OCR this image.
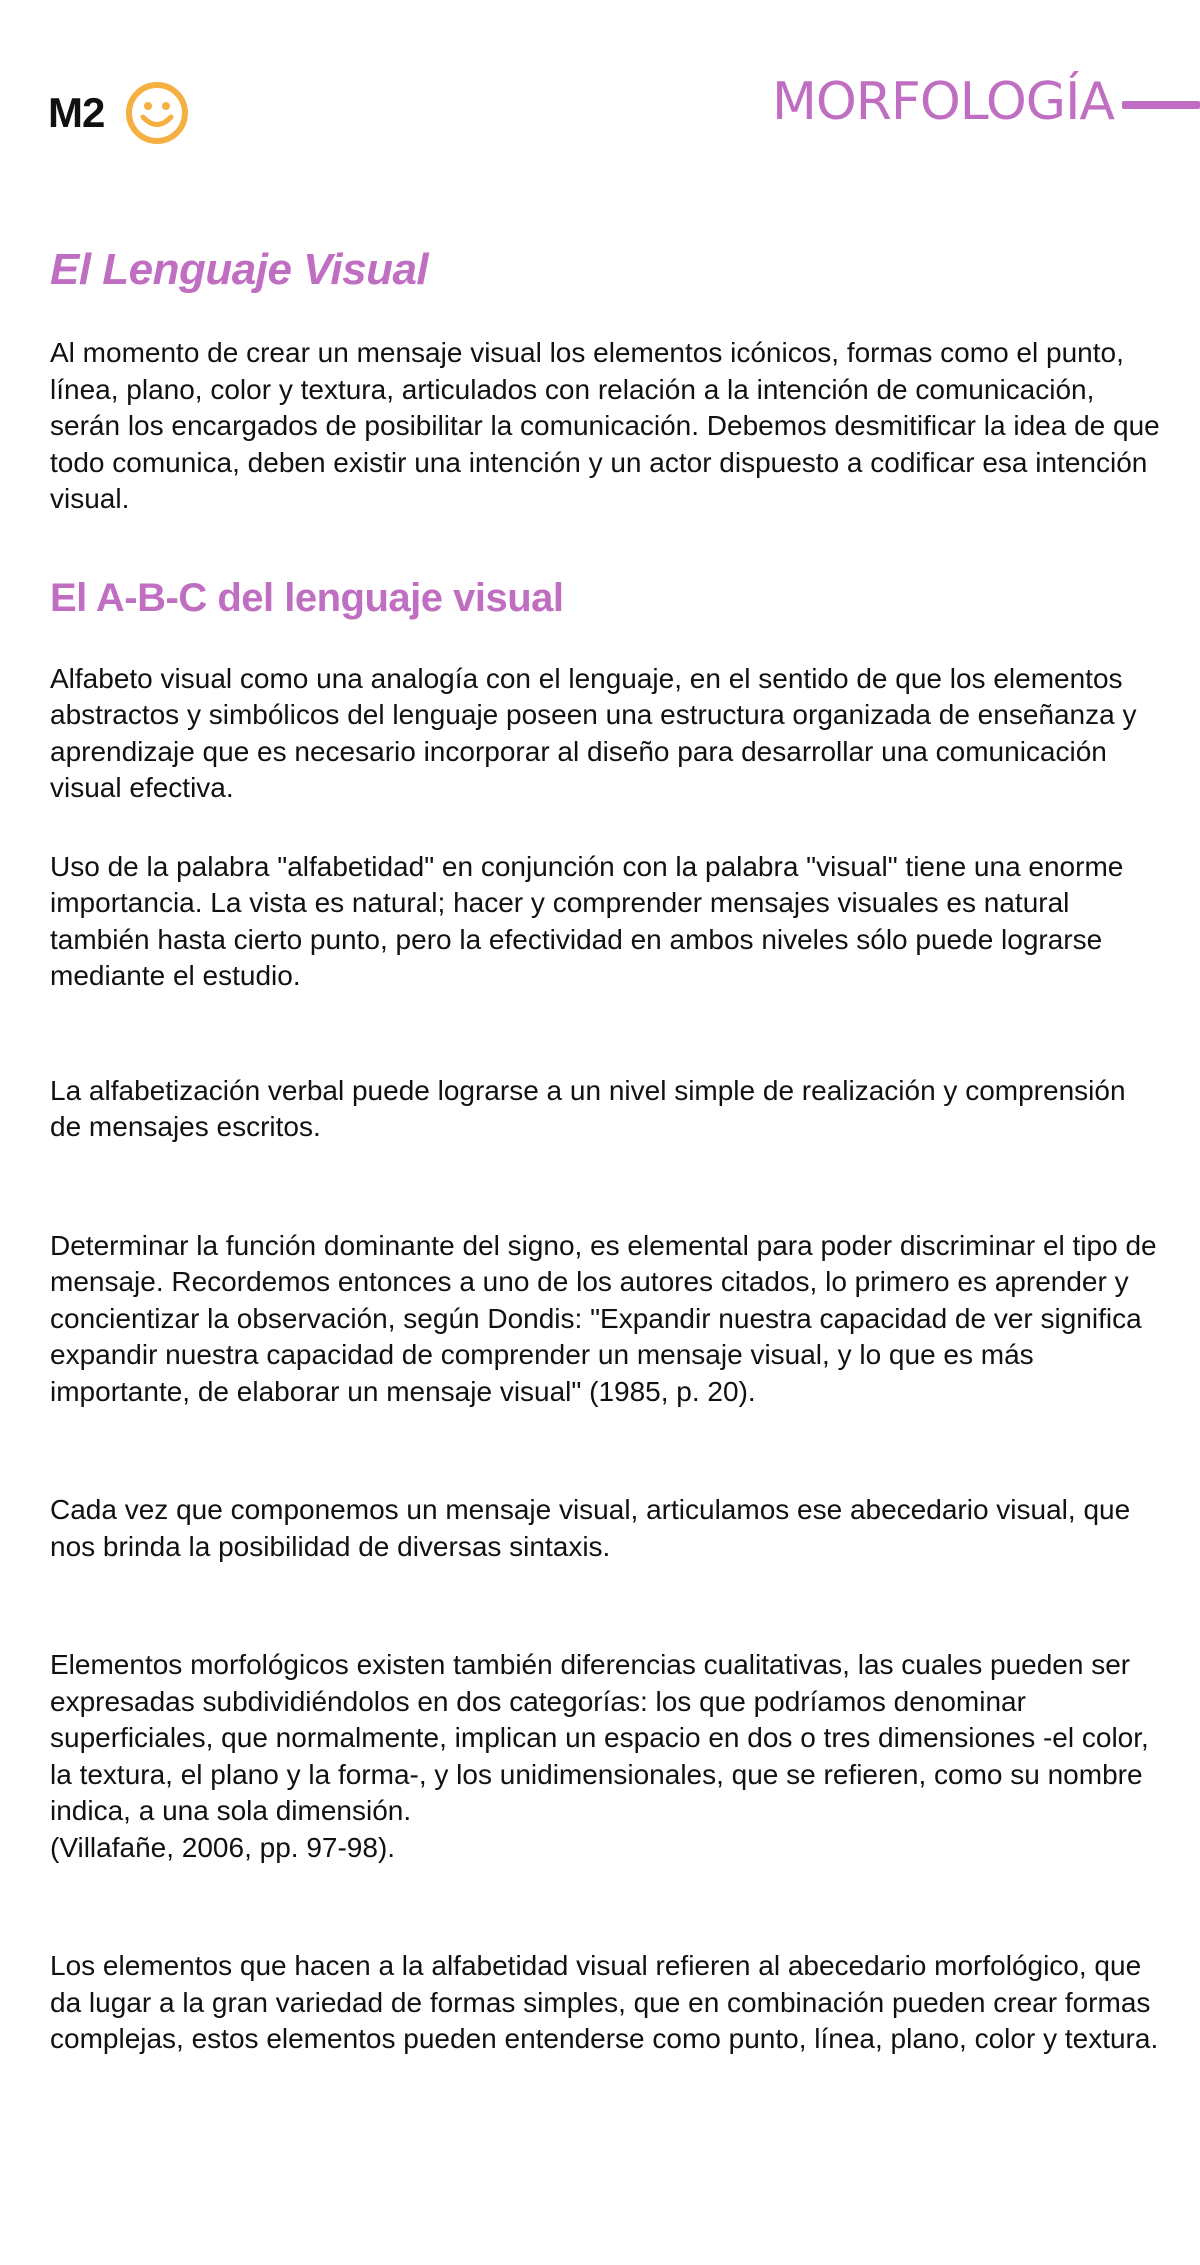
M2	MORFOLOGÍA
El Lenguaje Visual

Al momento de crear un mensaje visual los elementos icónicos, formas como el punto, línea, plano, color y textura, articulados con relación a la intención de comunicación, serán los encargados de posibilitar la comunicación. Debemos desmitificar la idea de que todo comunica, deben existir una intención y un actor dispuesto a codificar esa intención visual.

El A-B-C del lenguaje visual

Alfabeto visual como una analogía con el lenguaje, en el sentido de que los elementos abstractos y simbólicos del lenguaje poseen una estructura organizada de enseñanza y aprendizaje que es necesario incorporar al diseño para desarrollar una comunicación visual efectiva.

Uso de la palabra "alfabetidad" en conjunción con la palabra "visual" tiene una enorme importancia. La vista es natural; hacer y comprender mensajes visuales es natural también hasta cierto punto, pero la efectividad en ambos niveles sólo puede lograrse mediante el estudio.

La alfabetización verbal puede lograrse a un nivel simple de realización y comprensión de mensajes escritos.

Determinar la función dominante del signo, es elemental para poder discriminar el tipo de mensaje. Recordemos entonces a uno de los autores citados, lo primero es aprender y concientizar la observación, según Dondis: "Expandir nuestra capacidad de ver significa expandir nuestra capacidad de comprender un mensaje visual, y lo que es más importante, de elaborar un mensaje visual" (1985, p. 20).

Cada vez que componemos un mensaje visual, articulamos ese abecedario visual, que nos brinda la posibilidad de diversas sintaxis.

Elementos morfológicos existen también diferencias cualitativas, las cuales pueden ser expresadas subdividiéndolos en dos categorías: los que podríamos denominar superficiales, que normalmente, implican un espacio en dos o tres dimensiones -el color, la textura, el plano y la forma-, y los unidimensionales, que se refieren, como su nombre indica, a una sola dimensión.

(Villafañe, 2006, pp. 97-98).

Los elementos que hacen a la alfabetidad visual refieren al abecedario morfológico, que da lugar a la gran variedad de formas simples, que en combinación pueden crear formas complejas, estos elementos pueden entenderse como punto, línea, plano, color y textura.
